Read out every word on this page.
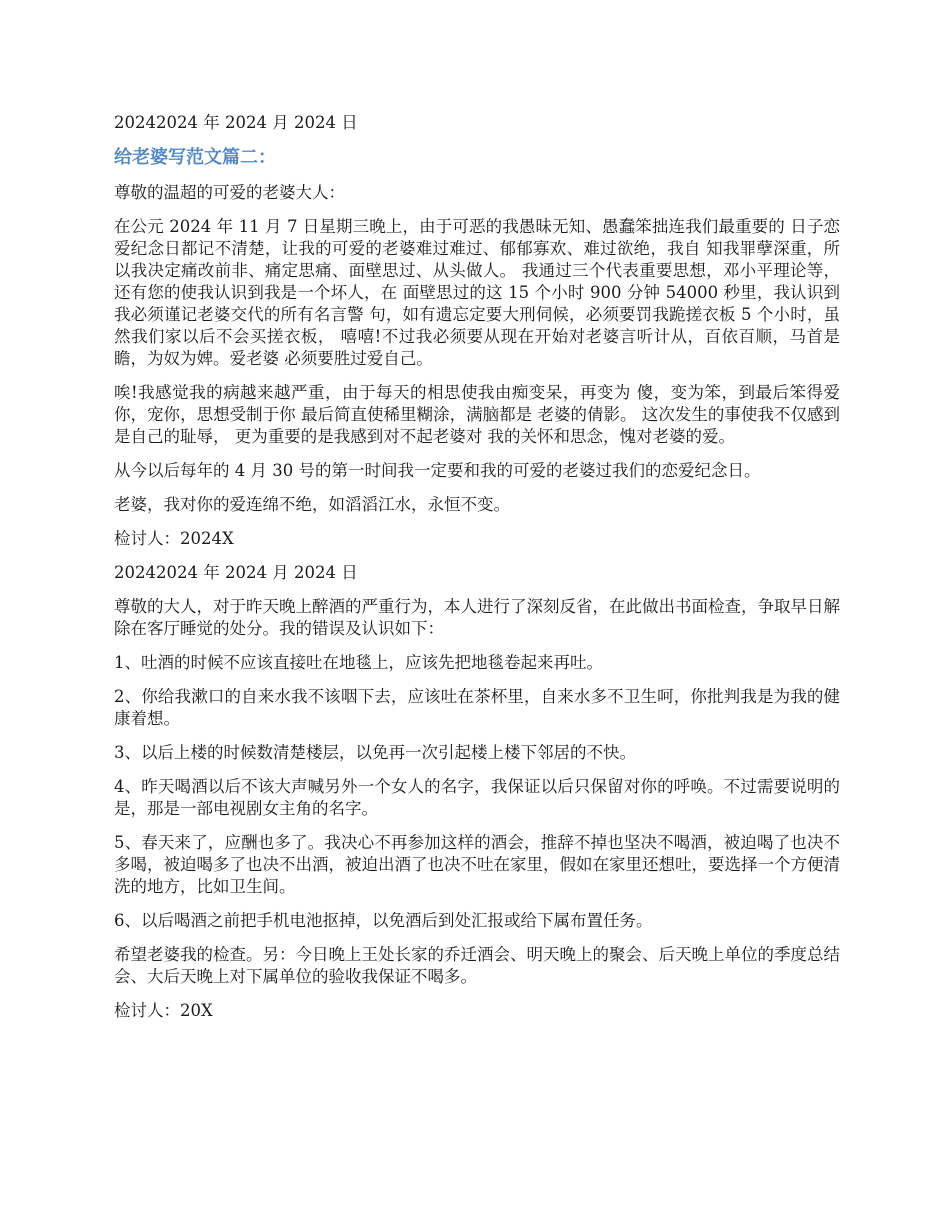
20242024 年 2024 月 2024 日

给老婆写范文篇二：

尊敬的温超的可爱的老婆大人：

在公元 2024 年 11 月 7 日星期三晚上，由于可恶的我愚昧无知、愚蠢笨拙连我们最重要的 日子恋爱纪念日都记不清楚，让我的可爱的老婆难过难过、郁郁寡欢、难过欲绝，我自 知我罪孽深重，所以我决定痛改前非、痛定思痛、面壁思过、从头做人。 我通过三个代表重要思想，邓小平理论等，还有您的使我认识到我是一个坏人，在 面壁思过的这 15 个小时 900 分钟 54000 秒里，我认识到我必须谨记老婆交代的所有名言警 句，如有遗忘定要大刑伺候，必须要罚我跪搓衣板 5 个小时，虽然我们家以后不会买搓衣板， 嘻嘻!不过我必须要从现在开始对老婆言听计从，百依百顺，马首是瞻，为奴为婢。爱老婆 必须要胜过爱自己。

唉!我感觉我的病越来越严重，由于每天的相思使我由痴变呆，再变为 傻，变为笨，到最后笨得爱你，宠你，思想受制于你 最后简直使稀里糊涂，满脑都是 老婆的倩影。 这次发生的事使我不仅感到是自己的耻辱， 更为重要的是我感到对不起老婆对 我的关怀和思念，愧对老婆的爱。

从今以后每年的 4 月 30 号的第一时间我一定要和我的可爱的老婆过我们的恋爱纪念日。

老婆，我对你的爱连绵不绝，如滔滔江水，永恒不变。

检讨人：2024X

20242024 年 2024 月 2024 日

尊敬的大人，对于昨天晚上醉酒的严重行为，本人进行了深刻反省，在此做出书面检查，争取早日解除在客厅睡觉的处分。我的错误及认识如下：

1、吐酒的时候不应该直接吐在地毯上，应该先把地毯卷起来再吐。

2、你给我漱口的自来水我不该咽下去，应该吐在茶杯里，自来水多不卫生呵，你批判我是为我的健康着想。

3、以后上楼的时候数清楚楼层，以免再一次引起楼上楼下邻居的不快。

4、昨天喝酒以后不该大声喊另外一个女人的名字，我保证以后只保留对你的呼唤。不过需要说明的是，那是一部电视剧女主角的名字。

5、春天来了，应酬也多了。我决心不再参加这样的酒会，推辞不掉也坚决不喝酒，被迫喝了也决不多喝，被迫喝多了也决不出酒，被迫出酒了也决不吐在家里，假如在家里还想吐，要选择一个方便清洗的地方，比如卫生间。

6、以后喝酒之前把手机电池抠掉，以免酒后到处汇报或给下属布置任务。

希望老婆我的检查。另：今日晚上王处长家的乔迁酒会、明天晚上的聚会、后天晚上单位的季度总结会、大后天晚上对下属单位的验收我保证不喝多。

检讨人：20X
